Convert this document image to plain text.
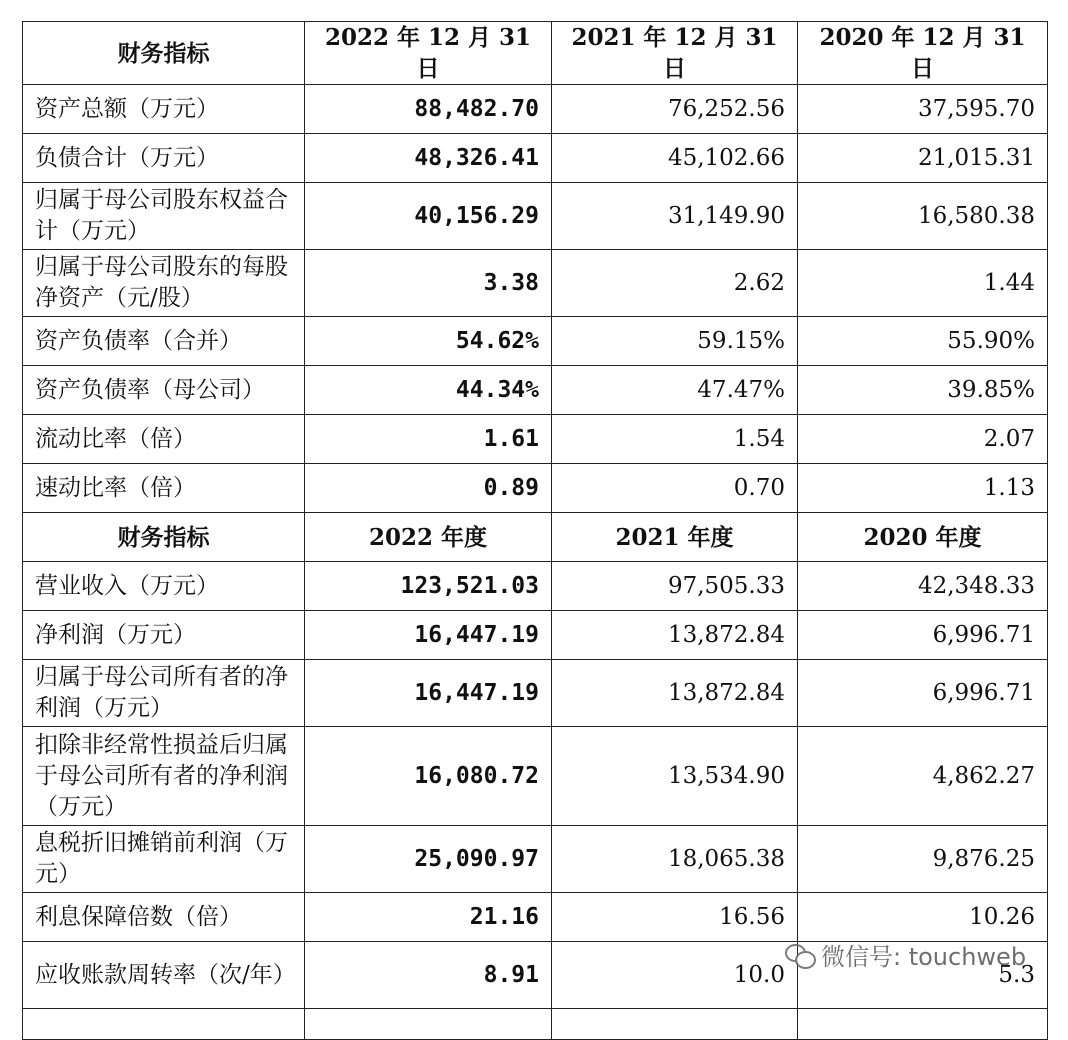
财务指标	2022 年 12 月 31 日	2021 年 12 月 31 日	2020 年 12 月 31 日
资产总额（万元）	88,482.70	76,252.56	37,595.70
负债合计（万元）	48,326.41	45,102.66	21,015.31
归属于母公司股东权益合计（万元）	40,156.29	31,149.90	16,580.38
归属于母公司股东的每股净资产（元/股）	3.38	2.62	1.44
资产负债率（合并）	54.62%	59.15%	55.90%
资产负债率（母公司）	44.34%	47.47%	39.85%
流动比率（倍）	1.61	1.54	2.07
速动比率（倍）	0.89	0.70	1.13
财务指标	2022 年度	2021 年度	2020 年度
营业收入（万元）	123,521.03	97,505.33	42,348.33
净利润（万元）	16,447.19	13,872.84	6,996.71
归属于母公司所有者的净利润（万元）	16,447.19	13,872.84	6,996.71
扣除非经常性损益后归属于母公司所有者的净利润（万元）	16,080.72	13,534.90	4,862.27
息税折旧摊销前利润（万元）	25,090.97	18,065.38	9,876.25
利息保障倍数（倍）	21.16	16.56	10.26
应收账款周转率（次/年）	8.91	10.0	5.3

微信号: touchweb
